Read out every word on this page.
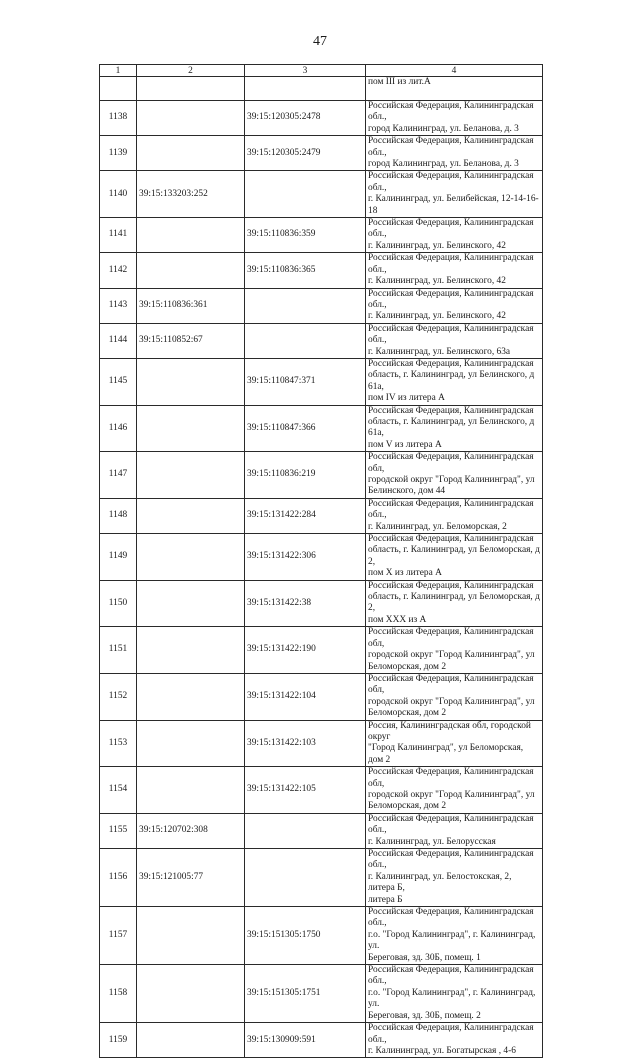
47
1	2	3	4
			пом III из лит.А
1138		39:15:120305:2478	Российская Федерация, Калининградская обл.,
город Калининград, ул. Беланова, д. 3
1139		39:15:120305:2479	Российская Федерация, Калининградская обл.,
город Калининград, ул. Беланова, д. 3
1140	39:15:133203:252		Российская Федерация, Калининградская обл.,
г. Калининград, ул. Белибейская, 12-14-16-18
1141		39:15:110836:359	Российская Федерация, Калининградская обл.,
г. Калининград, ул. Белинского, 42
1142		39:15:110836:365	Российская Федерация, Калининградская обл.,
г. Калининград, ул. Белинского, 42
1143	39:15:110836:361		Российская Федерация, Калининградская обл.,
г. Калининград, ул. Белинского, 42
1144	39:15:110852:67		Российская Федерация, Калининградская обл.,
г. Калининград, ул. Белинского, 63а
1145		39:15:110847:371	Российская Федерация, Калининградская
область, г. Калининград, ул Белинского, д 61а,
пом IV из литера А
1146		39:15:110847:366	Российская Федерация, Калининградская
область, г. Калининград, ул Белинского, д 61а,
пом V из литера А
1147		39:15:110836:219	Российская Федерация, Калининградская обл,
городской округ "Город Калининград", ул
Белинского, дом 44
1148		39:15:131422:284	Российская Федерация, Калининградская обл.,
г. Калининград, ул. Беломорская, 2
1149		39:15:131422:306	Российская Федерация, Калининградская
область, г. Калининград, ул Беломорская, д 2,
пом X из литера А
1150		39:15:131422:38	Российская Федерация, Калининградская
область, г. Калининград, ул Беломорская, д 2,
пом XXX из А
1151		39:15:131422:190	Российская Федерация, Калининградская обл,
городской округ "Город Калининград", ул
Беломорская, дом 2
1152		39:15:131422:104	Российская Федерация, Калининградская обл,
городской округ "Город Калининград", ул
Беломорская, дом 2
1153		39:15:131422:103	Россия, Калининградская обл, городской округ
"Город Калининград", ул Беломорская, дом 2
1154		39:15:131422:105	Российская Федерация, Калининградская обл,
городской округ "Город Калининград", ул
Беломорская, дом 2
1155	39:15:120702:308		Российская Федерация, Калининградская обл.,
г. Калининград, ул. Белорусская
1156	39:15:121005:77		Российская Федерация, Калининградская обл.,
г. Калининград, ул. Белостокская, 2, литера Б,
литера Б
1157		39:15:151305:1750	Российская Федерация, Калининградская обл.,
г.о. "Город Калининград", г. Калининград, ул.
Береговая, зд. 30Б, помещ. 1
1158		39:15:151305:1751	Российская Федерация, Калининградская обл.,
г.о. "Город Калининград", г. Калининград, ул.
Береговая, зд. 30Б, помещ. 2
1159		39:15:130909:591	Российская Федерация, Калининградская обл.,
г. Калининград, ул. Богатырская , 4-6
